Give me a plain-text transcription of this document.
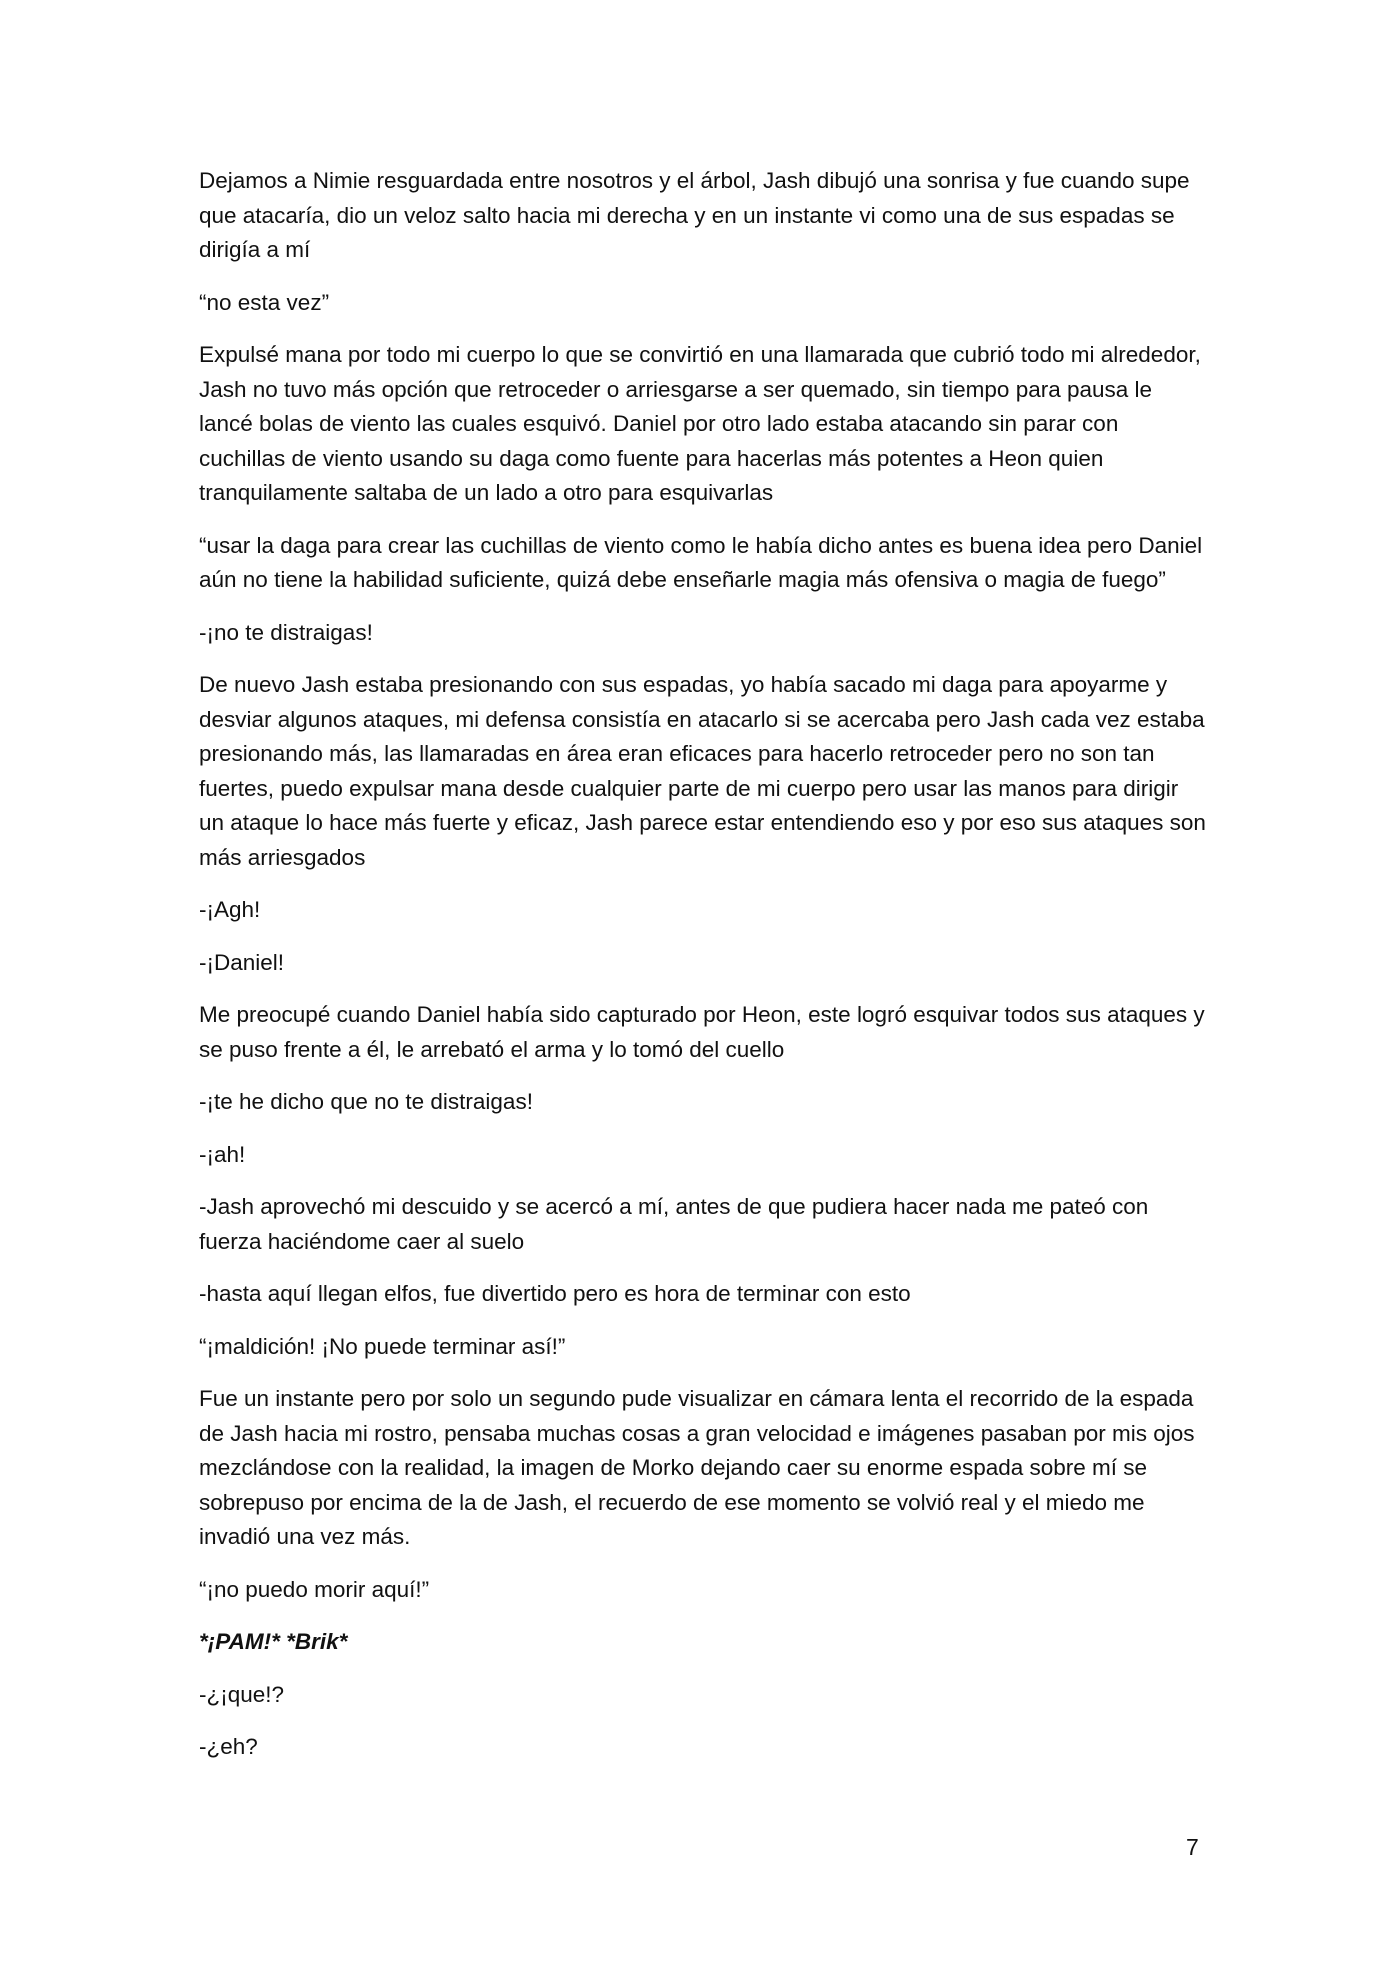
Dejamos a Nimie resguardada entre nosotros y el árbol, Jash dibujó una sonrisa y fue cuando supe que atacaría, dio un veloz salto hacia mi derecha y en un instante vi como una de sus espadas se dirigía a mí

“no esta vez”

Expulsé mana por todo mi cuerpo lo que se convirtió en una llamarada que cubrió todo mi alrededor, Jash no tuvo más opción que retroceder o arriesgarse a ser quemado, sin tiempo para pausa le lancé bolas de viento las cuales esquivó. Daniel por otro lado estaba atacando sin parar con cuchillas de viento usando su daga como fuente para hacerlas más potentes a Heon quien tranquilamente saltaba de un lado a otro para esquivarlas

“usar la daga para crear las cuchillas de viento como le había dicho antes es buena idea pero Daniel aún no tiene la habilidad suficiente, quizá debe enseñarle magia más ofensiva o magia de fuego”

-¡no te distraigas!

De nuevo Jash estaba presionando con sus espadas, yo había sacado mi daga para apoyarme y desviar algunos ataques, mi defensa consistía en atacarlo si se acercaba pero Jash cada vez estaba presionando más, las llamaradas en área eran eficaces para hacerlo retroceder pero no son tan fuertes, puedo expulsar mana desde cualquier parte de mi cuerpo pero usar las manos para dirigir un ataque lo hace más fuerte y eficaz, Jash parece estar entendiendo eso y por eso sus ataques son más arriesgados

-¡Agh!

-¡Daniel!

Me preocupé cuando Daniel había sido capturado por Heon, este logró esquivar todos sus ataques y se puso frente a él, le arrebató el arma y lo tomó del cuello

-¡te he dicho que no te distraigas!

-¡ah!

-Jash aprovechó mi descuido y se acercó a mí, antes de que pudiera hacer nada me pateó con fuerza haciéndome caer al suelo

-hasta aquí llegan elfos, fue divertido pero es hora de terminar con esto

“¡maldición! ¡No puede terminar así!”

Fue un instante pero por solo un segundo pude visualizar en cámara lenta el recorrido de la espada de Jash hacia mi rostro, pensaba muchas cosas a gran velocidad e imágenes pasaban por mis ojos mezclándose con la realidad, la imagen de Morko dejando caer su enorme espada sobre mí se sobrepuso por encima de la de Jash, el recuerdo de ese momento se volvió real y el miedo me invadió una vez más.

“¡no puedo morir aquí!”

*¡PAM!* *Brik*

-¿¡que!?

-¿eh?

7
